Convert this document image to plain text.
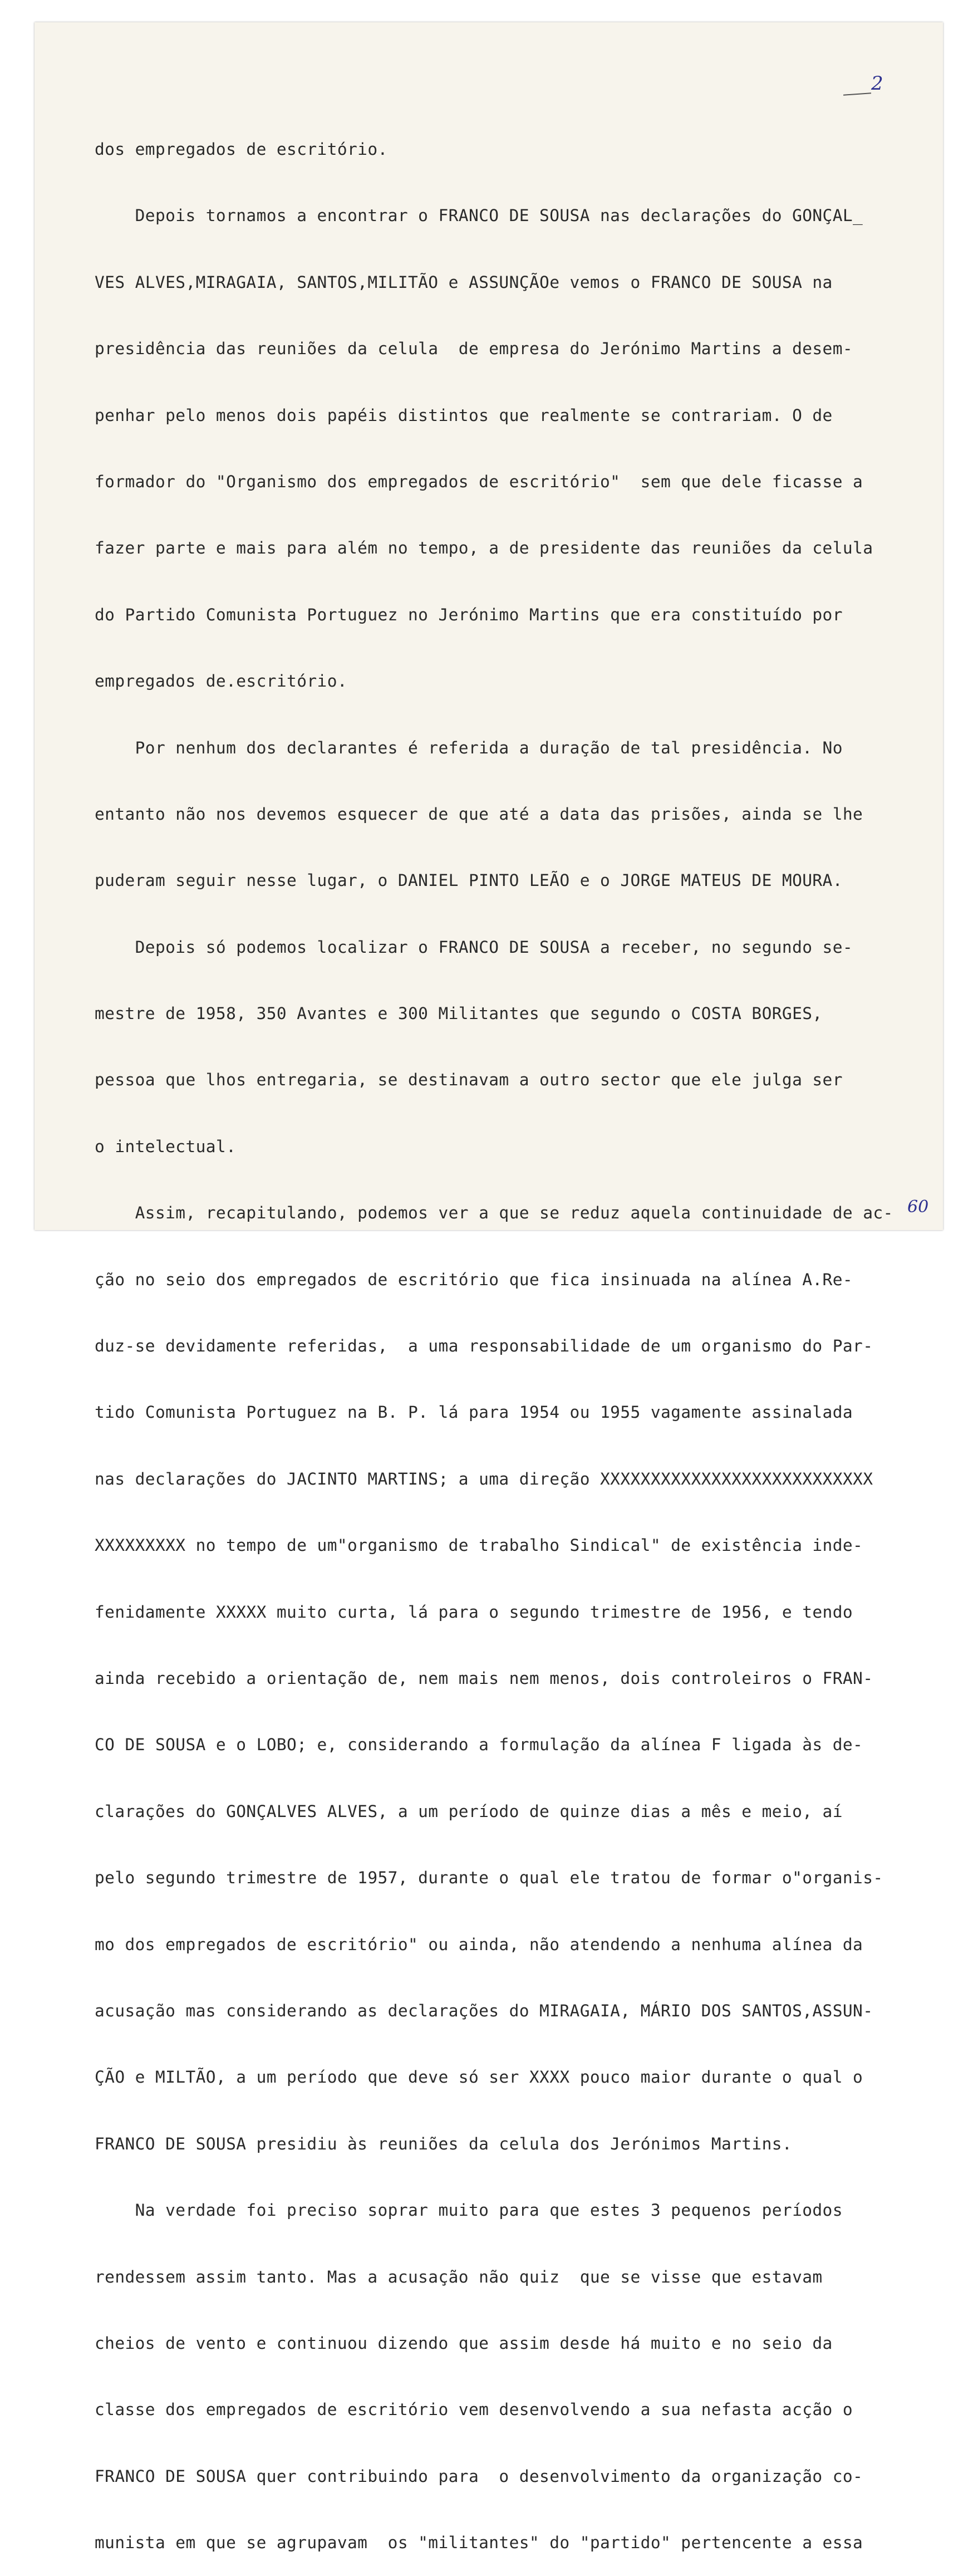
2

dos empregados de escritório.

Depois tornamos a encontrar o FRANCO DE SOUSA nas declarações do GONÇAL_

VES ALVES,MIRAGAIA, SANTOS,MILITÃO e ASSUNÇÃOe vemos o FRANCO DE SOUSA na

presidência das reuniões da celula  de empresa do Jerónimo Martins a desem-

penhar pelo menos dois papéis distintos que realmente se contrariam. O de

formador do "Organismo dos empregados de escritório"  sem que dele ficasse a

fazer parte e mais para além no tempo, a de presidente das reuniões da celula

do Partido Comunista Portuguez no Jerónimo Martins que era constituído por

empregados de.escritório.

Por nenhum dos declarantes é referida a duração de tal presidência. No

entanto não nos devemos esquecer de que até a data das prisões, ainda se lhe

puderam seguir nesse lugar, o DANIEL PINTO LEÃO e o JORGE MATEUS DE MOURA.

Depois só podemos localizar o FRANCO DE SOUSA a receber, no segundo se-

mestre de 1958, 350 Avantes e 300 Militantes que segundo o COSTA BORGES,

pessoa que lhos entregaria, se destinavam a outro sector que ele julga ser

o intelectual.

Assim, recapitulando, podemos ver a que se reduz aquela continuidade de ac-

ção no seio dos empregados de escritório que fica insinuada na alínea A.Re-

duz-se devidamente referidas,  a uma responsabilidade de um organismo do Par-

tido Comunista Portuguez na B. P. lá para 1954 ou 1955 vagamente assinalada

nas declarações do JACINTO MARTINS; a uma direção XXXXXXXXXXXXXXXXXXXXXXXXXXX

XXXXXXXXX no tempo de um"organismo de trabalho Sindical" de existência inde-

fenidamente XXXXX muito curta, lá para o segundo trimestre de 1956, e tendo

ainda recebido a orientação de, nem mais nem menos, dois controleiros o FRAN-

CO DE SOUSA e o LOBO; e, considerando a formulação da alínea F ligada às de-

clarações do GONÇALVES ALVES, a um período de quinze dias a mês e meio, aí

pelo segundo trimestre de 1957, durante o qual ele tratou de formar o"organis-

mo dos empregados de escritório" ou ainda, não atendendo a nenhuma alínea da

acusação mas considerando as declarações do MIRAGAIA, MÁRIO DOS SANTOS,ASSUN-

ÇÃO e MILTÃO, a um período que deve só ser XXXX pouco maior durante o qual o

FRANCO DE SOUSA presidiu às reuniões da celula dos Jerónimos Martins.

Na verdade foi preciso soprar muito para que estes 3 pequenos períodos

rendessem assim tanto. Mas a acusação não quiz  que se visse que estavam

cheios de vento e continuou dizendo que assim desde há muito e no seio da

classe dos empregados de escritório vem desenvolvendo a sua nefasta acção o

FRANCO DE SOUSA quer contribuindo para  o desenvolvimento da organização co-

munista em que se agrupavam  os "militantes" do "partido" pertencente a essa

60
